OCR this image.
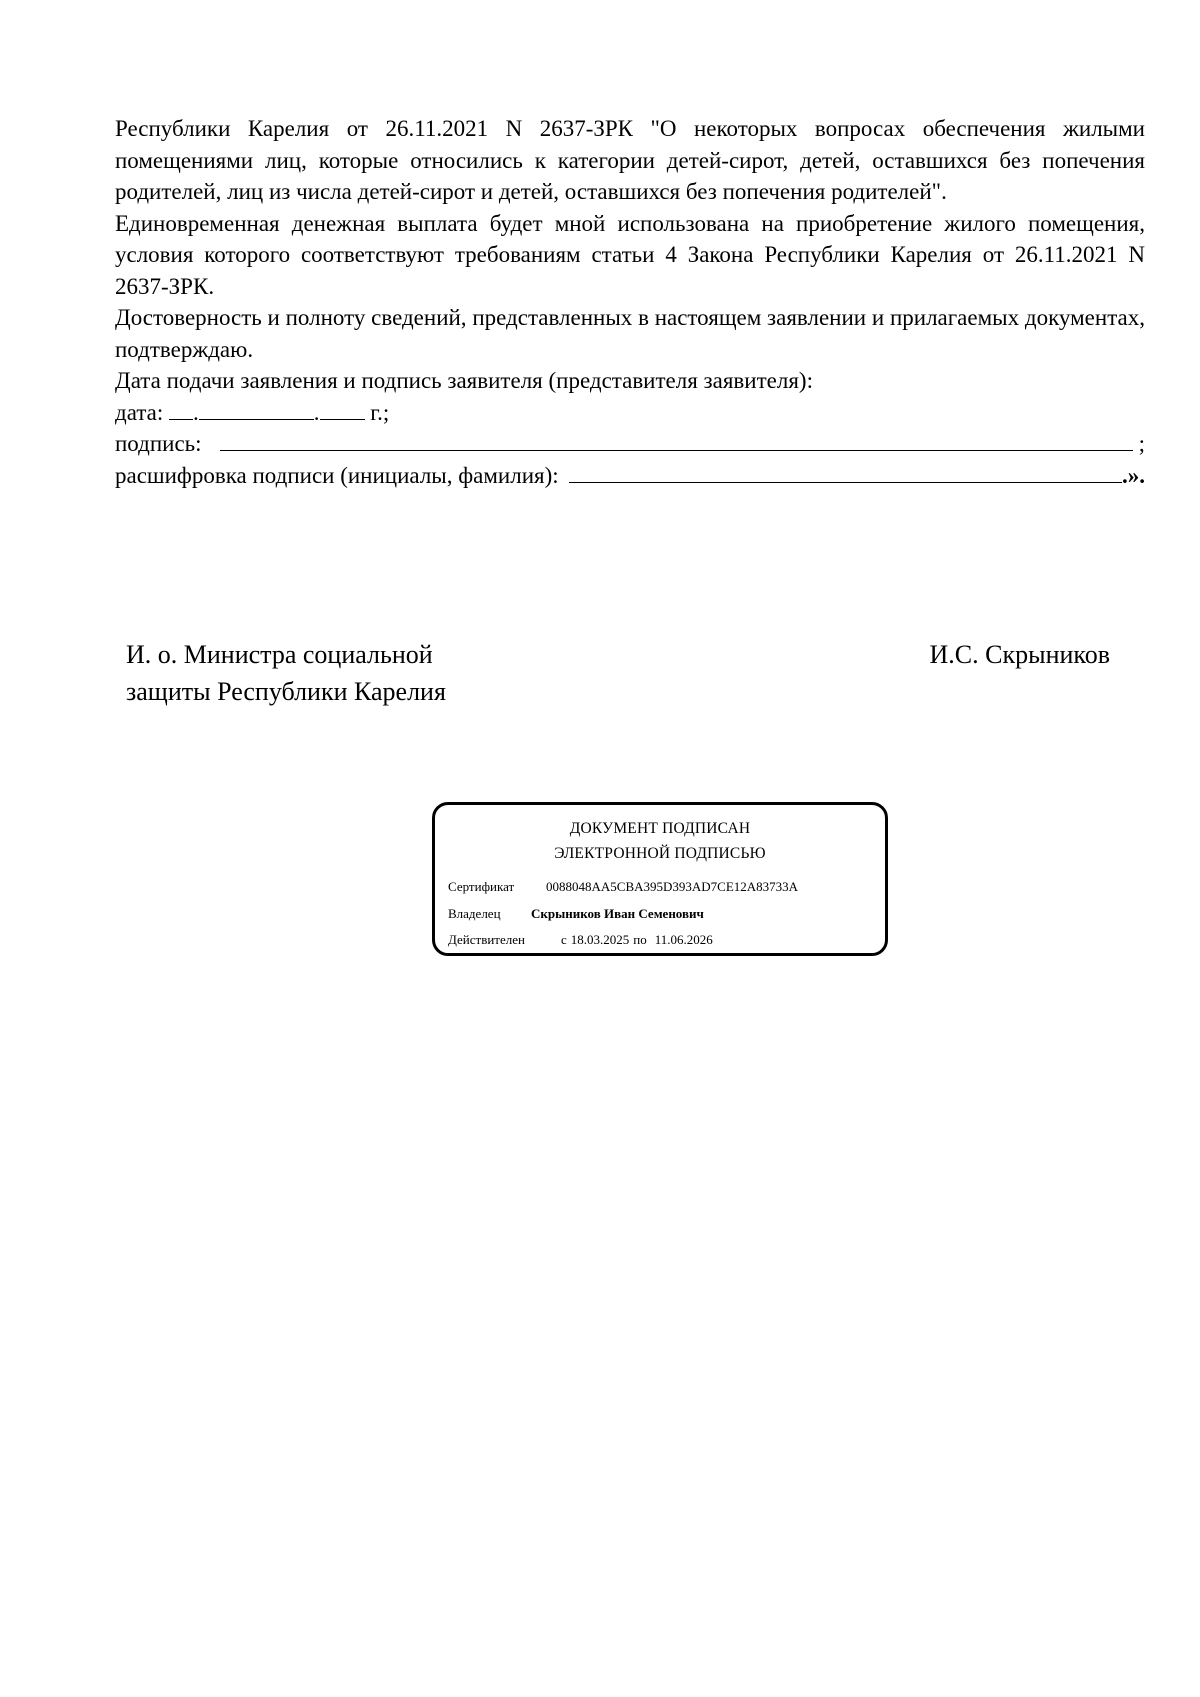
Республики Карелия от 26.11.2021 N 2637-ЗРК "О некоторых вопросах обеспечения жилыми помещениями лиц, которые относились к категории детей-сирот, детей, оставшихся без попечения родителей, лиц из числа детей-сирот и детей, оставшихся без попечения родителей".

Единовременная денежная выплата будет мной использована на приобретение жилого помещения, условия которого соответствуют требованиям статьи 4 Закона Республики Карелия от 26.11.2021 N 2637-ЗРК.

Достоверность и полноту сведений, представленных в настоящем заявлении и прилагаемых документах, подтверждаю.

Дата подачи заявления и подпись заявителя (представителя заявителя):

дата: .	. г.;

подпись:	;

расшифровка подписи (инициалы, фамилия):	.».

И. о. Министра социальной
защиты Республики Карелия
И.С. Скрыников
ДОКУМЕНТ ПОДПИСАН
ЭЛЕКТРОННОЙ ПОДПИСЬЮ
Сертификат 0088048AA5CBA395D393AD7CE12A83733A
Владелец Скрыников Иван Семенович
Действителен	с 18.03.2025 по 11.06.2026
